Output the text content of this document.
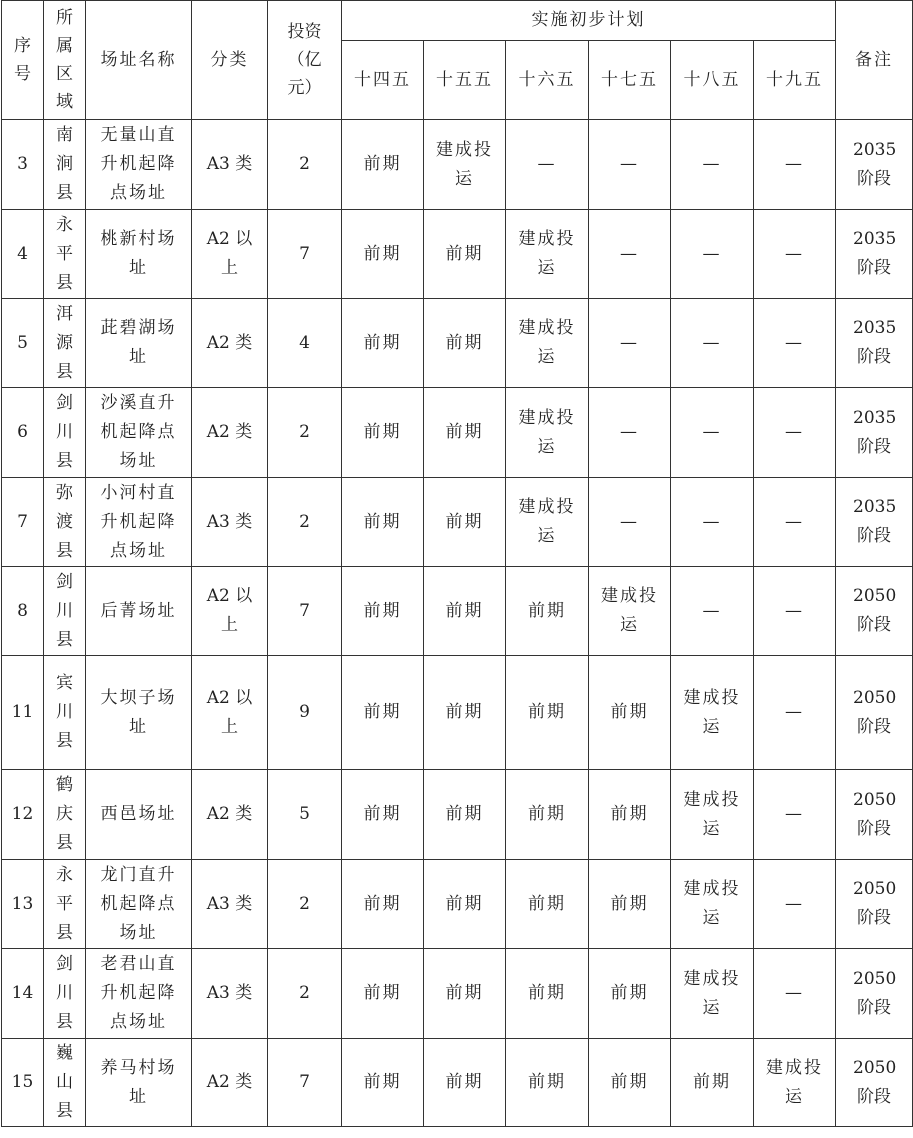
序号	所属区域	场址名称	分类	投资（亿元）	实施初步计划						备注
					十四五	十五五	十六五	十七五	十八五	十九五	

3	南涧县	无量山直升机起降点场址	A3 类	2	前期	建成投运	—	—	—	—	2035阶段

4	永平县	桃新村场址	A2 以上	7	前期	前期	建成投运	—	—	—	2035阶段

5	洱源县	茈碧湖场址	A2 类	4	前期	前期	建成投运	—	—	—	2035阶段

6	剑川县	沙溪直升机起降点场址	A2 类	2	前期	前期	建成投运	—	—	—	2035阶段

7	弥渡县	小河村直升机起降点场址	A3 类	2	前期	前期	建成投运	—	—	—	2035阶段

8	剑川县	后菁场址	A2 以上	7	前期	前期	前期	建成投运	—	—	2050阶段

11	宾川县	大坝子场址	A2 以上	9	前期	前期	前期	前期	建成投运	—	2050阶段

12	鹤庆县	西邑场址	A2 类	5	前期	前期	前期	前期	建成投运	—	2050阶段

13	永平县	龙门直升机起降点场址	A3 类	2	前期	前期	前期	前期	建成投运	—	2050阶段

14	剑川县	老君山直升机起降点场址	A3 类	2	前期	前期	前期	前期	建成投运	—	2050阶段

15	巍山县	养马村场址	A2 类	7	前期	前期	前期	前期	前期	建成投运	2050阶段
